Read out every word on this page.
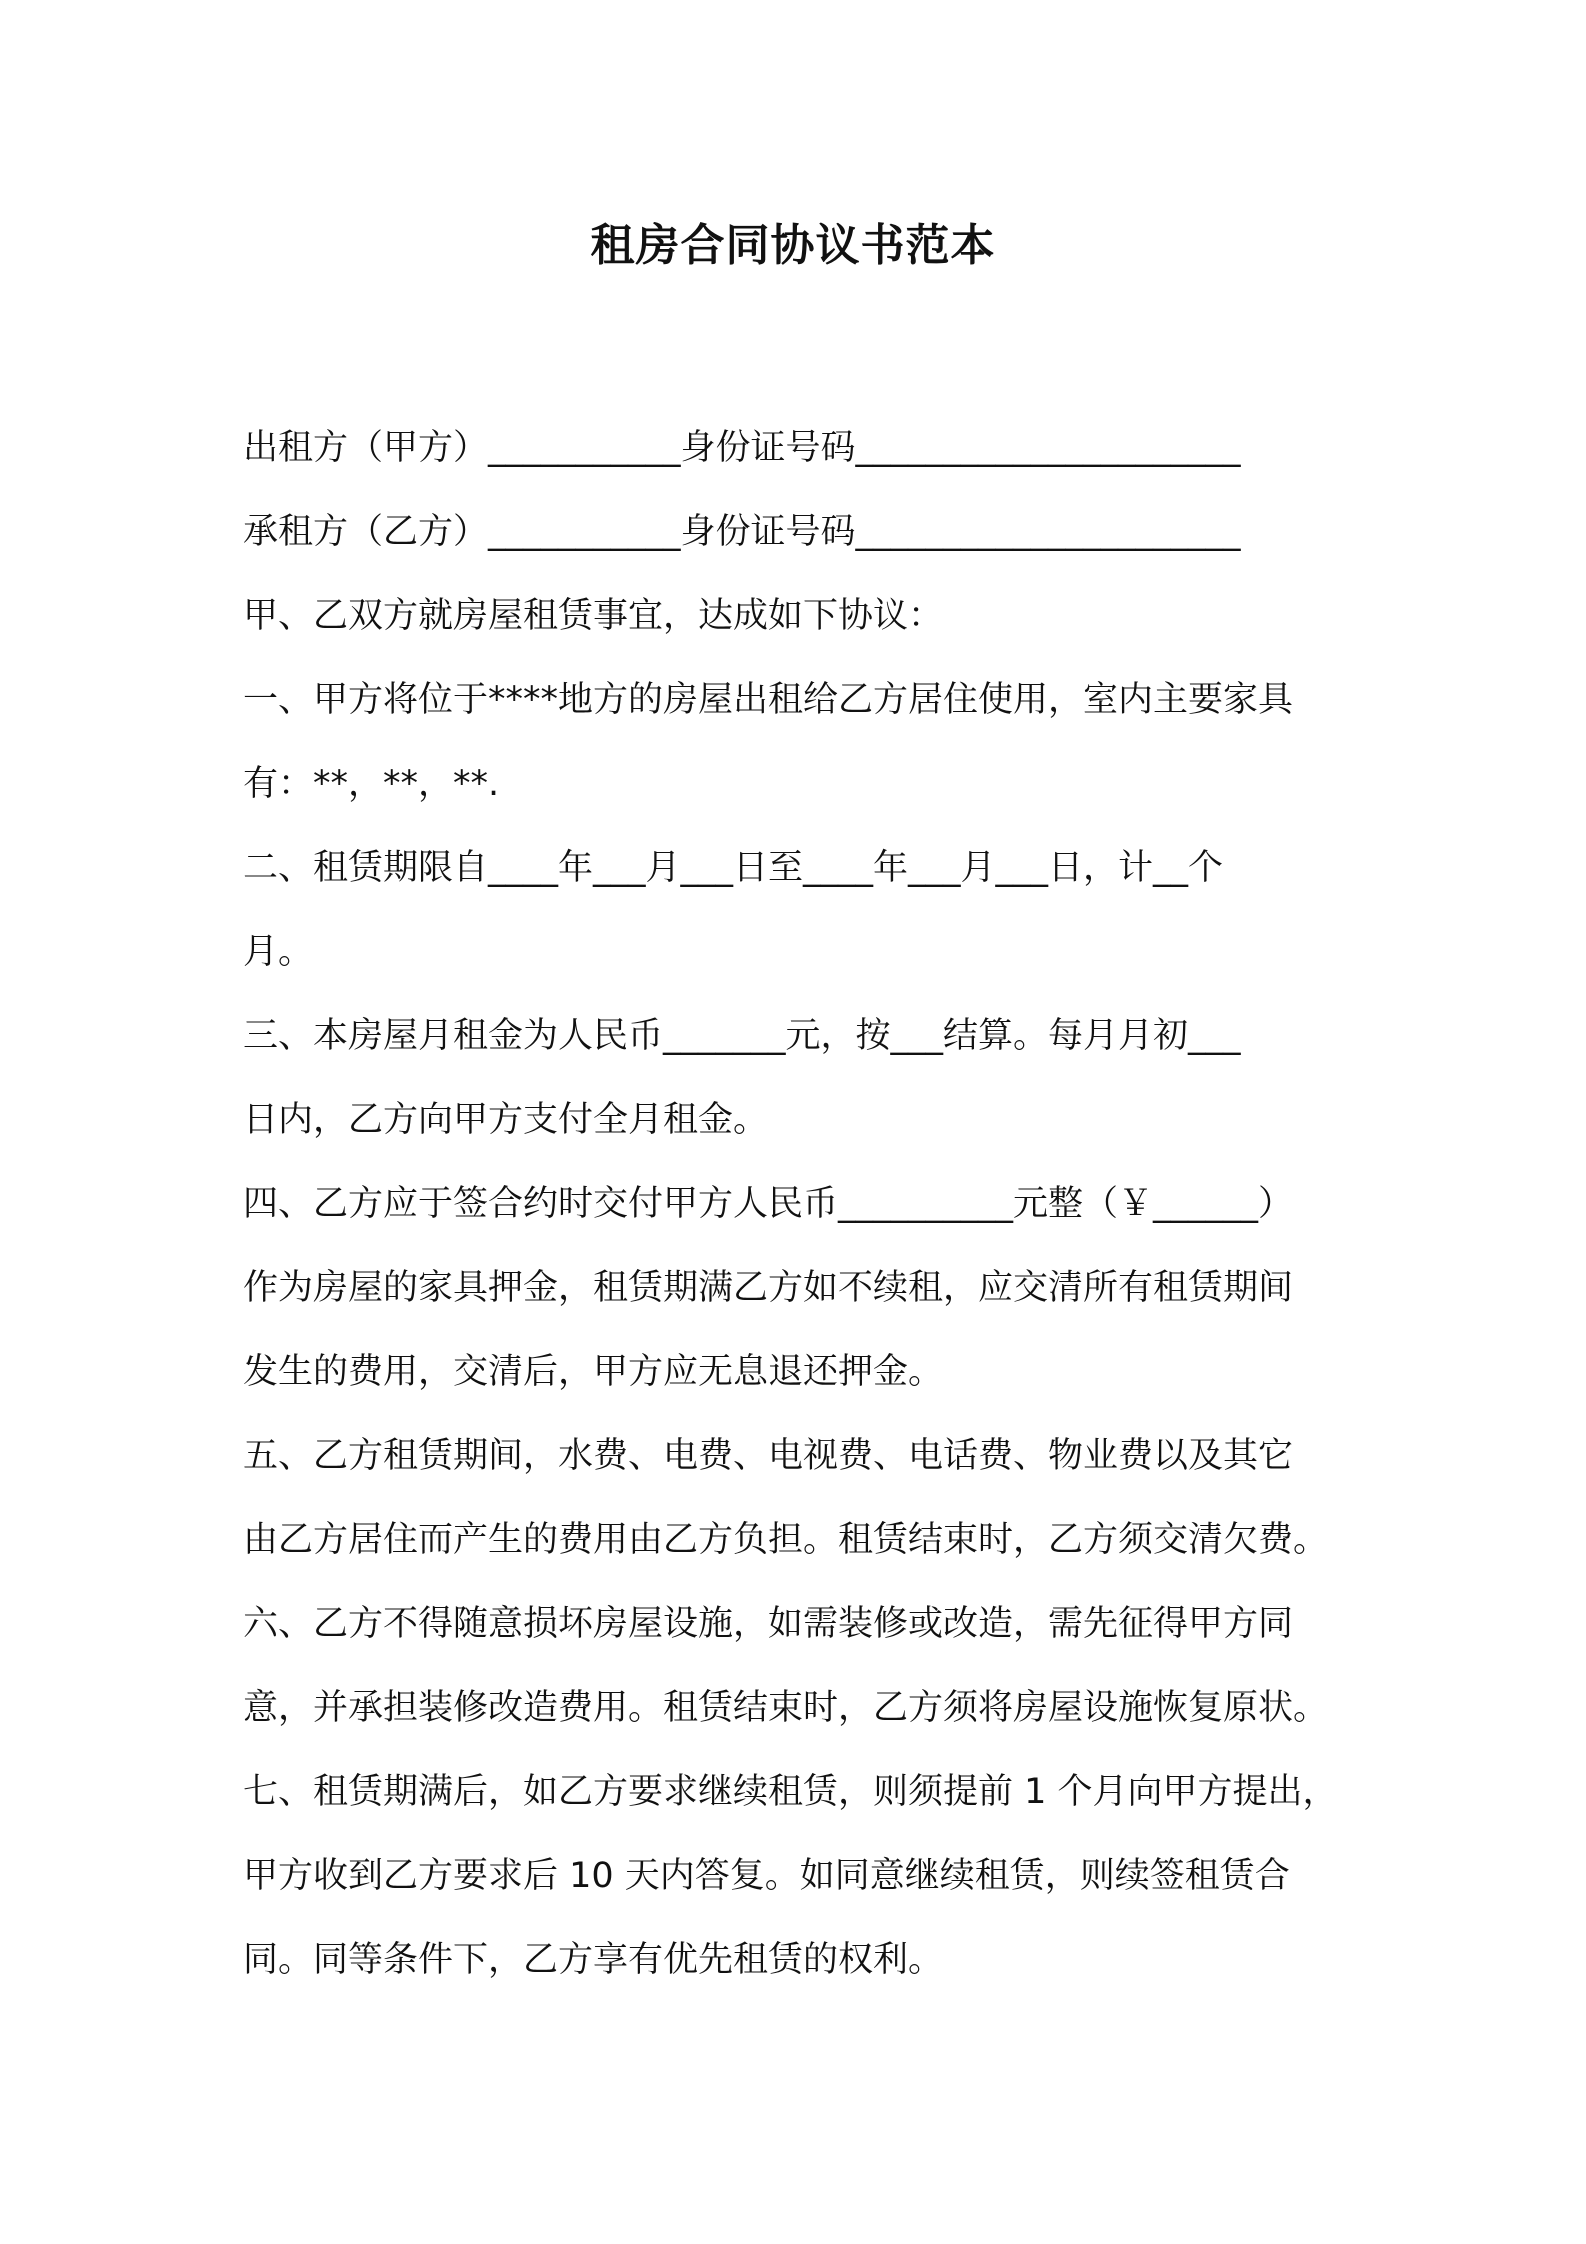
租房合同协议书范本
出租方（甲方）___________身份证号码______________________
承租方（乙方）___________身份证号码______________________
甲、乙双方就房屋租赁事宜，达成如下协议：
一、甲方将位于****地方的房屋出租给乙方居住使用，室内主要家具
有：**，**，**.
二、租赁期限自____年___月___日至____年___月___日，计__个
月。
三、本房屋月租金为人民币_______元，按___结算。每月月初___
日内，乙方向甲方支付全月租金。
四、乙方应于签合约时交付甲方人民币__________元整（￥______）
作为房屋的家具押金，租赁期满乙方如不续租，应交清所有租赁期间
发生的费用，交清后，甲方应无息退还押金。
五、乙方租赁期间，水费、电费、电视费、电话费、物业费以及其它
由乙方居住而产生的费用由乙方负担。租赁结束时，乙方须交清欠费。
六、乙方不得随意损坏房屋设施，如需装修或改造，需先征得甲方同
意，并承担装修改造费用。租赁结束时，乙方须将房屋设施恢复原状。
七、租赁期满后，如乙方要求继续租赁，则须提前 1 个月向甲方提出，
甲方收到乙方要求后 10 天内答复。如同意继续租赁，则续签租赁合
同。同等条件下，乙方享有优先租赁的权利。
